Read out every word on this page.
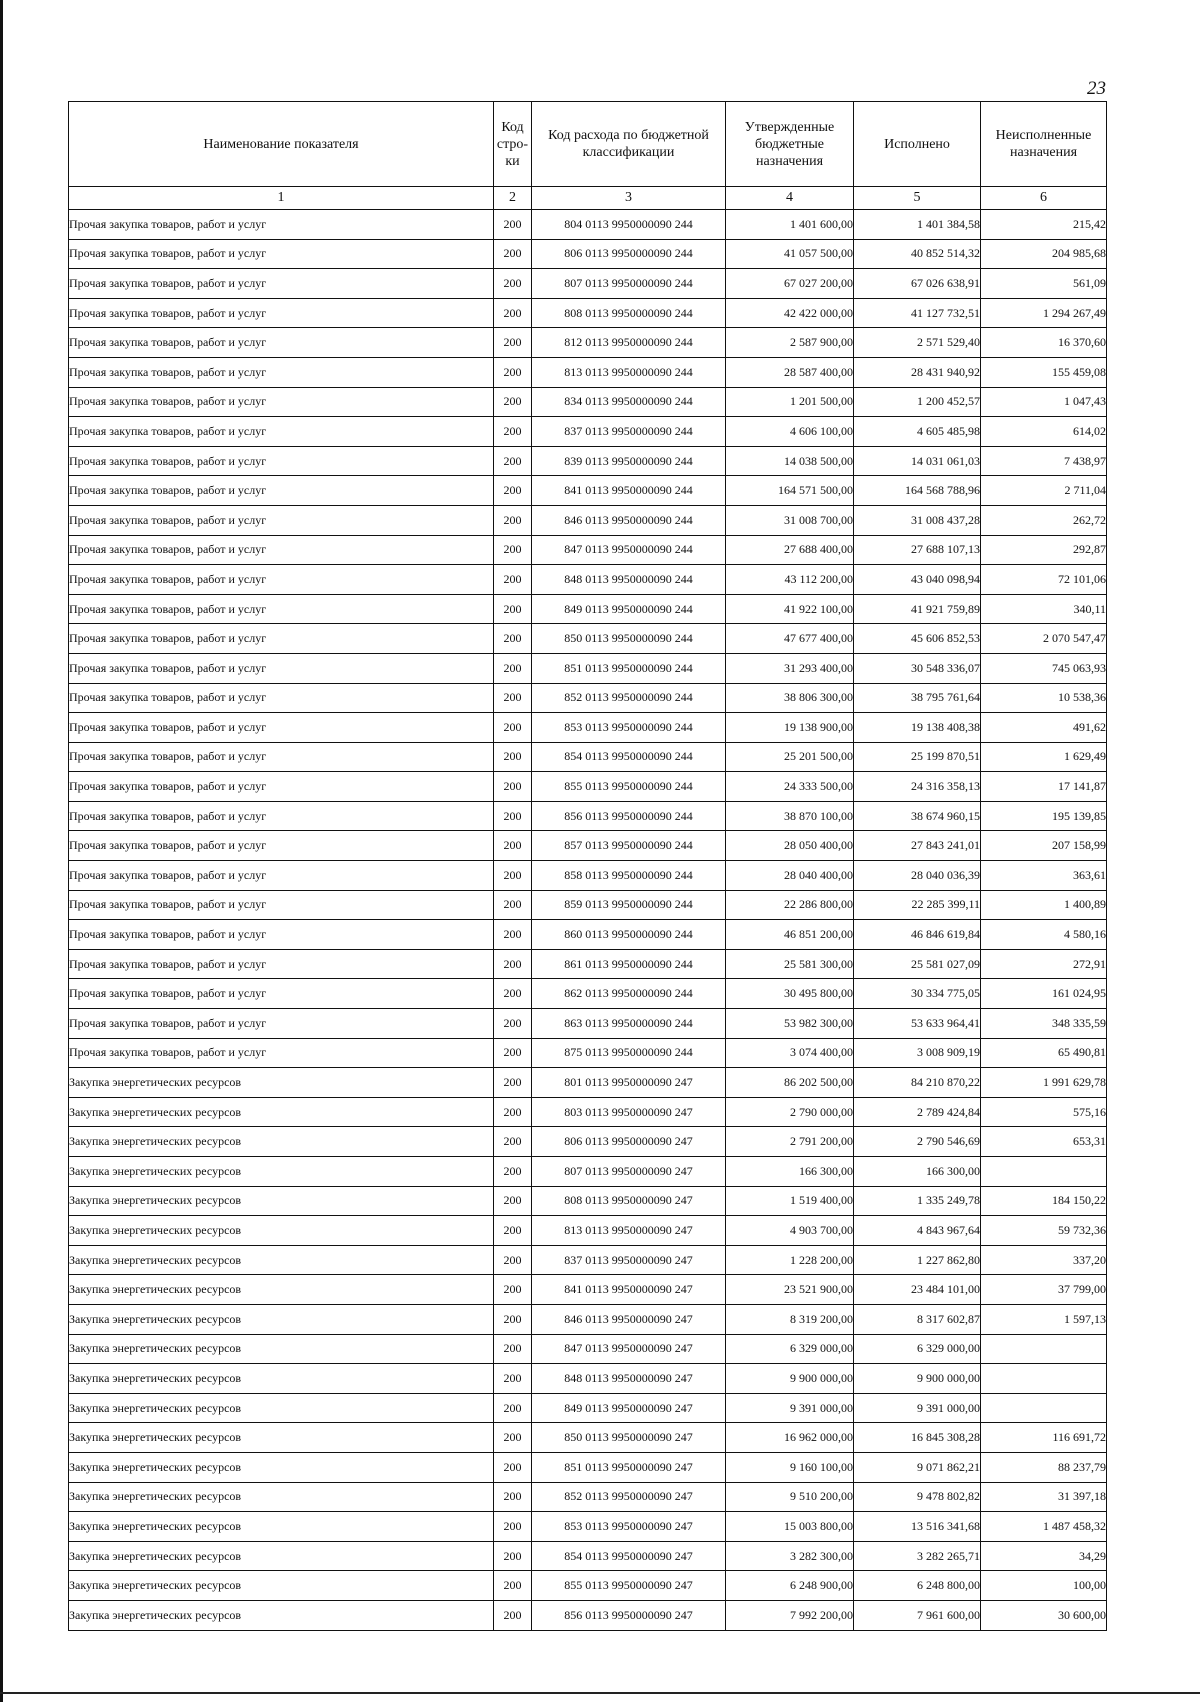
23
Наименование показателя	Код стро-ки	Код расхода по бюджетной классификации	Утвержденные бюджетные назначения	Исполнено	Неисполненные назначения
1	2	3	4	5	6
Прочая закупка товаров, работ и услуг	200	804 0113 9950000090 244	1 401 600,00	1 401 384,58	215,42
Прочая закупка товаров, работ и услуг	200	806 0113 9950000090 244	41 057 500,00	40 852 514,32	204 985,68
Прочая закупка товаров, работ и услуг	200	807 0113 9950000090 244	67 027 200,00	67 026 638,91	561,09
Прочая закупка товаров, работ и услуг	200	808 0113 9950000090 244	42 422 000,00	41 127 732,51	1 294 267,49
Прочая закупка товаров, работ и услуг	200	812 0113 9950000090 244	2 587 900,00	2 571 529,40	16 370,60
Прочая закупка товаров, работ и услуг	200	813 0113 9950000090 244	28 587 400,00	28 431 940,92	155 459,08
Прочая закупка товаров, работ и услуг	200	834 0113 9950000090 244	1 201 500,00	1 200 452,57	1 047,43
Прочая закупка товаров, работ и услуг	200	837 0113 9950000090 244	4 606 100,00	4 605 485,98	614,02
Прочая закупка товаров, работ и услуг	200	839 0113 9950000090 244	14 038 500,00	14 031 061,03	7 438,97
Прочая закупка товаров, работ и услуг	200	841 0113 9950000090 244	164 571 500,00	164 568 788,96	2 711,04
Прочая закупка товаров, работ и услуг	200	846 0113 9950000090 244	31 008 700,00	31 008 437,28	262,72
Прочая закупка товаров, работ и услуг	200	847 0113 9950000090 244	27 688 400,00	27 688 107,13	292,87
Прочая закупка товаров, работ и услуг	200	848 0113 9950000090 244	43 112 200,00	43 040 098,94	72 101,06
Прочая закупка товаров, работ и услуг	200	849 0113 9950000090 244	41 922 100,00	41 921 759,89	340,11
Прочая закупка товаров, работ и услуг	200	850 0113 9950000090 244	47 677 400,00	45 606 852,53	2 070 547,47
Прочая закупка товаров, работ и услуг	200	851 0113 9950000090 244	31 293 400,00	30 548 336,07	745 063,93
Прочая закупка товаров, работ и услуг	200	852 0113 9950000090 244	38 806 300,00	38 795 761,64	10 538,36
Прочая закупка товаров, работ и услуг	200	853 0113 9950000090 244	19 138 900,00	19 138 408,38	491,62
Прочая закупка товаров, работ и услуг	200	854 0113 9950000090 244	25 201 500,00	25 199 870,51	1 629,49
Прочая закупка товаров, работ и услуг	200	855 0113 9950000090 244	24 333 500,00	24 316 358,13	17 141,87
Прочая закупка товаров, работ и услуг	200	856 0113 9950000090 244	38 870 100,00	38 674 960,15	195 139,85
Прочая закупка товаров, работ и услуг	200	857 0113 9950000090 244	28 050 400,00	27 843 241,01	207 158,99
Прочая закупка товаров, работ и услуг	200	858 0113 9950000090 244	28 040 400,00	28 040 036,39	363,61
Прочая закупка товаров, работ и услуг	200	859 0113 9950000090 244	22 286 800,00	22 285 399,11	1 400,89
Прочая закупка товаров, работ и услуг	200	860 0113 9950000090 244	46 851 200,00	46 846 619,84	4 580,16
Прочая закупка товаров, работ и услуг	200	861 0113 9950000090 244	25 581 300,00	25 581 027,09	272,91
Прочая закупка товаров, работ и услуг	200	862 0113 9950000090 244	30 495 800,00	30 334 775,05	161 024,95
Прочая закупка товаров, работ и услуг	200	863 0113 9950000090 244	53 982 300,00	53 633 964,41	348 335,59
Прочая закупка товаров, работ и услуг	200	875 0113 9950000090 244	3 074 400,00	3 008 909,19	65 490,81
Закупка энергетических ресурсов	200	801 0113 9950000090 247	86 202 500,00	84 210 870,22	1 991 629,78
Закупка энергетических ресурсов	200	803 0113 9950000090 247	2 790 000,00	2 789 424,84	575,16
Закупка энергетических ресурсов	200	806 0113 9950000090 247	2 791 200,00	2 790 546,69	653,31
Закупка энергетических ресурсов	200	807 0113 9950000090 247	166 300,00	166 300,00	
Закупка энергетических ресурсов	200	808 0113 9950000090 247	1 519 400,00	1 335 249,78	184 150,22
Закупка энергетических ресурсов	200	813 0113 9950000090 247	4 903 700,00	4 843 967,64	59 732,36
Закупка энергетических ресурсов	200	837 0113 9950000090 247	1 228 200,00	1 227 862,80	337,20
Закупка энергетических ресурсов	200	841 0113 9950000090 247	23 521 900,00	23 484 101,00	37 799,00
Закупка энергетических ресурсов	200	846 0113 9950000090 247	8 319 200,00	8 317 602,87	1 597,13
Закупка энергетических ресурсов	200	847 0113 9950000090 247	6 329 000,00	6 329 000,00	
Закупка энергетических ресурсов	200	848 0113 9950000090 247	9 900 000,00	9 900 000,00	
Закупка энергетических ресурсов	200	849 0113 9950000090 247	9 391 000,00	9 391 000,00	
Закупка энергетических ресурсов	200	850 0113 9950000090 247	16 962 000,00	16 845 308,28	116 691,72
Закупка энергетических ресурсов	200	851 0113 9950000090 247	9 160 100,00	9 071 862,21	88 237,79
Закупка энергетических ресурсов	200	852 0113 9950000090 247	9 510 200,00	9 478 802,82	31 397,18
Закупка энергетических ресурсов	200	853 0113 9950000090 247	15 003 800,00	13 516 341,68	1 487 458,32
Закупка энергетических ресурсов	200	854 0113 9950000090 247	3 282 300,00	3 282 265,71	34,29
Закупка энергетических ресурсов	200	855 0113 9950000090 247	6 248 900,00	6 248 800,00	100,00
Закупка энергетических ресурсов	200	856 0113 9950000090 247	7 992 200,00	7 961 600,00	30 600,00
